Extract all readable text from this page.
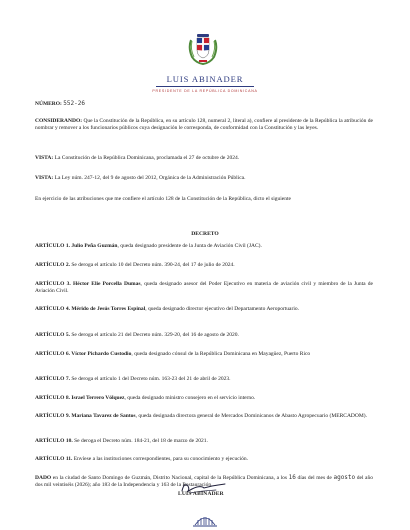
LUIS ABINADER
PRESIDENTE DE LA REPÚBLICA DOMINICANA
NÚMERO: 552-26
CONSIDERANDO: Que la Constitución de la República, en su artículo 128, numeral 2, literal a), confiere al presidente de la República la atribución de nombrar y remover a los funcionarios públicos cuya designación le corresponda, de conformidad con la Constitución y las leyes.
VISTA: La Constitución de la República Dominicana, proclamada el 27 de octubre de 2024.
VISTA: La Ley núm. 247-12, del 9 de agosto del 2012, Orgánica de la Administración Pública.
En ejercicio de las atribuciones que me confiere el artículo 128 de la Constitución de la República, dicto el siguiente
DECRETO
ARTÍCULO 1. Julio Peña Guzmán, queda designado presidente de la Junta de Aviación Civil (JAC).
ARTÍCULO 2. Se deroga el artículo 10 del Decreto núm. 390-24, del 17 de julio de 2024.
ARTÍCULO 3. Héctor Elie Porcella Dumas, queda designado asesor del Poder Ejecutivo en materia de aviación civil y miembro de la Junta de Aviación Civil.
ARTÍCULO 4. Mérido de Jesús Torres Espinal, queda designado director ejecutivo del Departamento Aeroportuario.
ARTÍCULO 5. Se deroga el artículo 21 del Decreto núm. 329-20, del 16 de agosto de 2020.
ARTÍCULO 6. Víctor Pichardo Custodio, queda designado cónsul de la República Dominicana en Mayagüez, Puerto Rico
ARTÍCULO 7. Se deroga el artículo 1 del Decreto núm. 163-23 del 21 de abril de 2023.
ARTÍCULO 8. Israel Terrero Vólquez, queda designado ministro consejero en el servicio interno.
ARTÍCULO 9. Mariana Tavarez de Santos, queda designada directora general de Mercados Dominicanos de Abasto Agropecuario (MERCADOM).
ARTÍCULO 10. Se deroga el Decreto núm. 184-21, del 18 de marzo de 2021.
ARTÍCULO 11. Envíese a las instituciones correspondientes, para su conocimiento y ejecución.
DADO en la ciudad de Santo Domingo de Guzmán, Distrito Nacional, capital de la República Dominicana, a los 16 días del mes de agosto del año dos mil veintiséis (2026); año 183 de la Independencia y 163 de la Restauración.
LUIS ABINADER
